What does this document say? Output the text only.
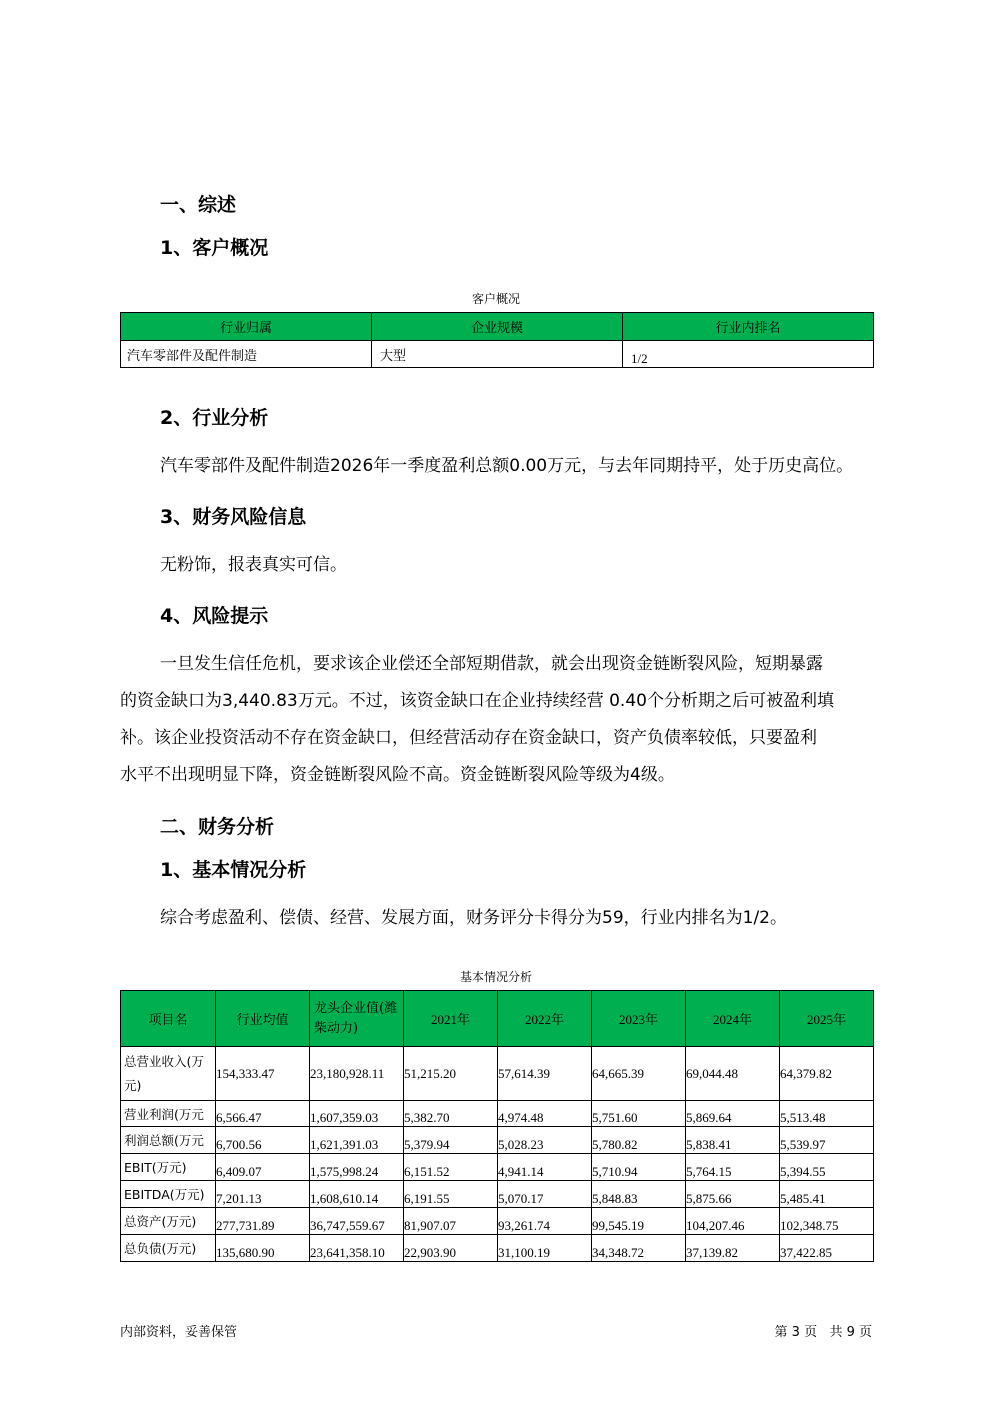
一、综述
1、客户概况
客户概况
行业归属	企业规模	行业内排名
汽车零部件及配件制造	大型	1/2
2、行业分析
汽车零部件及配件制造2026年一季度盈利总额0.00万元，与去年同期持平，处于历史高位。
3、财务风险信息
无粉饰，报表真实可信。
4、风险提示
一旦发生信任危机，要求该企业偿还全部短期借款，就会出现资金链断裂风险，短期暴露
的资金缺口为3,440.83万元。不过，该资金缺口在企业持续经营 0.40个分析期之后可被盈利填
补。该企业投资活动不存在资金缺口，但经营活动存在资金缺口，资产负债率较低，只要盈利
水平不出现明显下降，资金链断裂风险不高。资金链断裂风险等级为4级。
二、财务分析
1、基本情况分析
综合考虑盈利、偿债、经营、发展方面，财务评分卡得分为59，行业内排名为1/2。
基本情况分析
项目名	行业均值	龙头企业值(潍柴动力)	2021年	2022年	2023年	2024年	2025年
总营业收入(万元)	154,333.47	23,180,928.11	51,215.20	57,614.39	64,665.39	69,044.48	64,379.82
营业利润(万元	6,566.47	1,607,359.03	5,382.70	4,974.48	5,751.60	5,869.64	5,513.48
利润总额(万元	6,700.56	1,621,391.03	5,379.94	5,028.23	5,780.82	5,838.41	5,539.97
EBIT(万元)	6,409.07	1,575,998.24	6,151.52	4,941.14	5,710.94	5,764.15	5,394.55
EBITDA(万元)	7,201.13	1,608,610.14	6,191.55	5,070.17	5,848.83	5,875.66	5,485.41
总资产(万元)	277,731.89	36,747,559.67	81,907.07	93,261.74	99,545.19	104,207.46	102,348.75
总负债(万元)	135,680.90	23,641,358.10	22,903.90	31,100.19	34,348.72	37,139.82	37,422.85
内部资料，妥善保管	第 3 页   共 9 页
